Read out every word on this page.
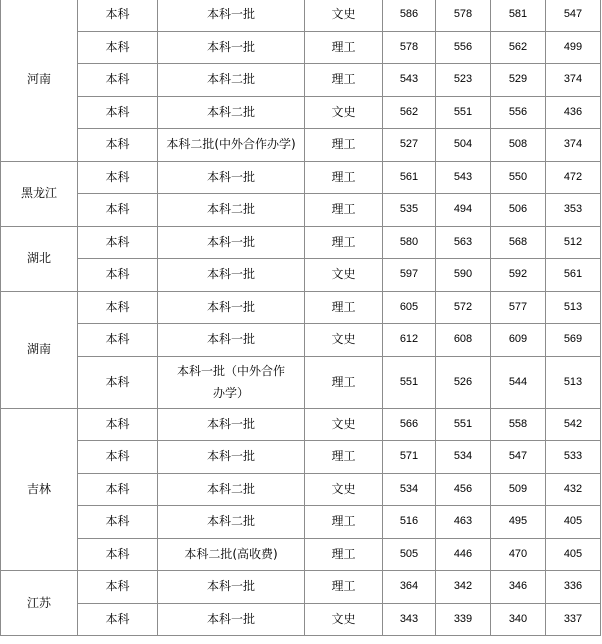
河南	本科	本科一批	文史	586	578	581	547
	本科	本科一批	理工	578	556	562	499
	本科	本科二批	理工	543	523	529	374
	本科	本科二批	文史	562	551	556	436
	本科	本科二批(中外合作办学)	理工	527	504	508	374
黑龙江	本科	本科一批	理工	561	543	550	472
	本科	本科二批	理工	535	494	506	353
湖北	本科	本科一批	理工	580	563	568	512
	本科	本科一批	文史	597	590	592	561
湖南	本科	本科一批	理工	605	572	577	513
	本科	本科一批	文史	612	608	609	569
	本科	本科一批（中外合作办学）	理工	551	526	544	513
吉林	本科	本科一批	文史	566	551	558	542
	本科	本科一批	理工	571	534	547	533
	本科	本科二批	文史	534	456	509	432
	本科	本科二批	理工	516	463	495	405
	本科	本科二批(高收费)	理工	505	446	470	405
江苏	本科	本科一批	理工	364	342	346	336
	本科	本科一批	文史	343	339	340	337
